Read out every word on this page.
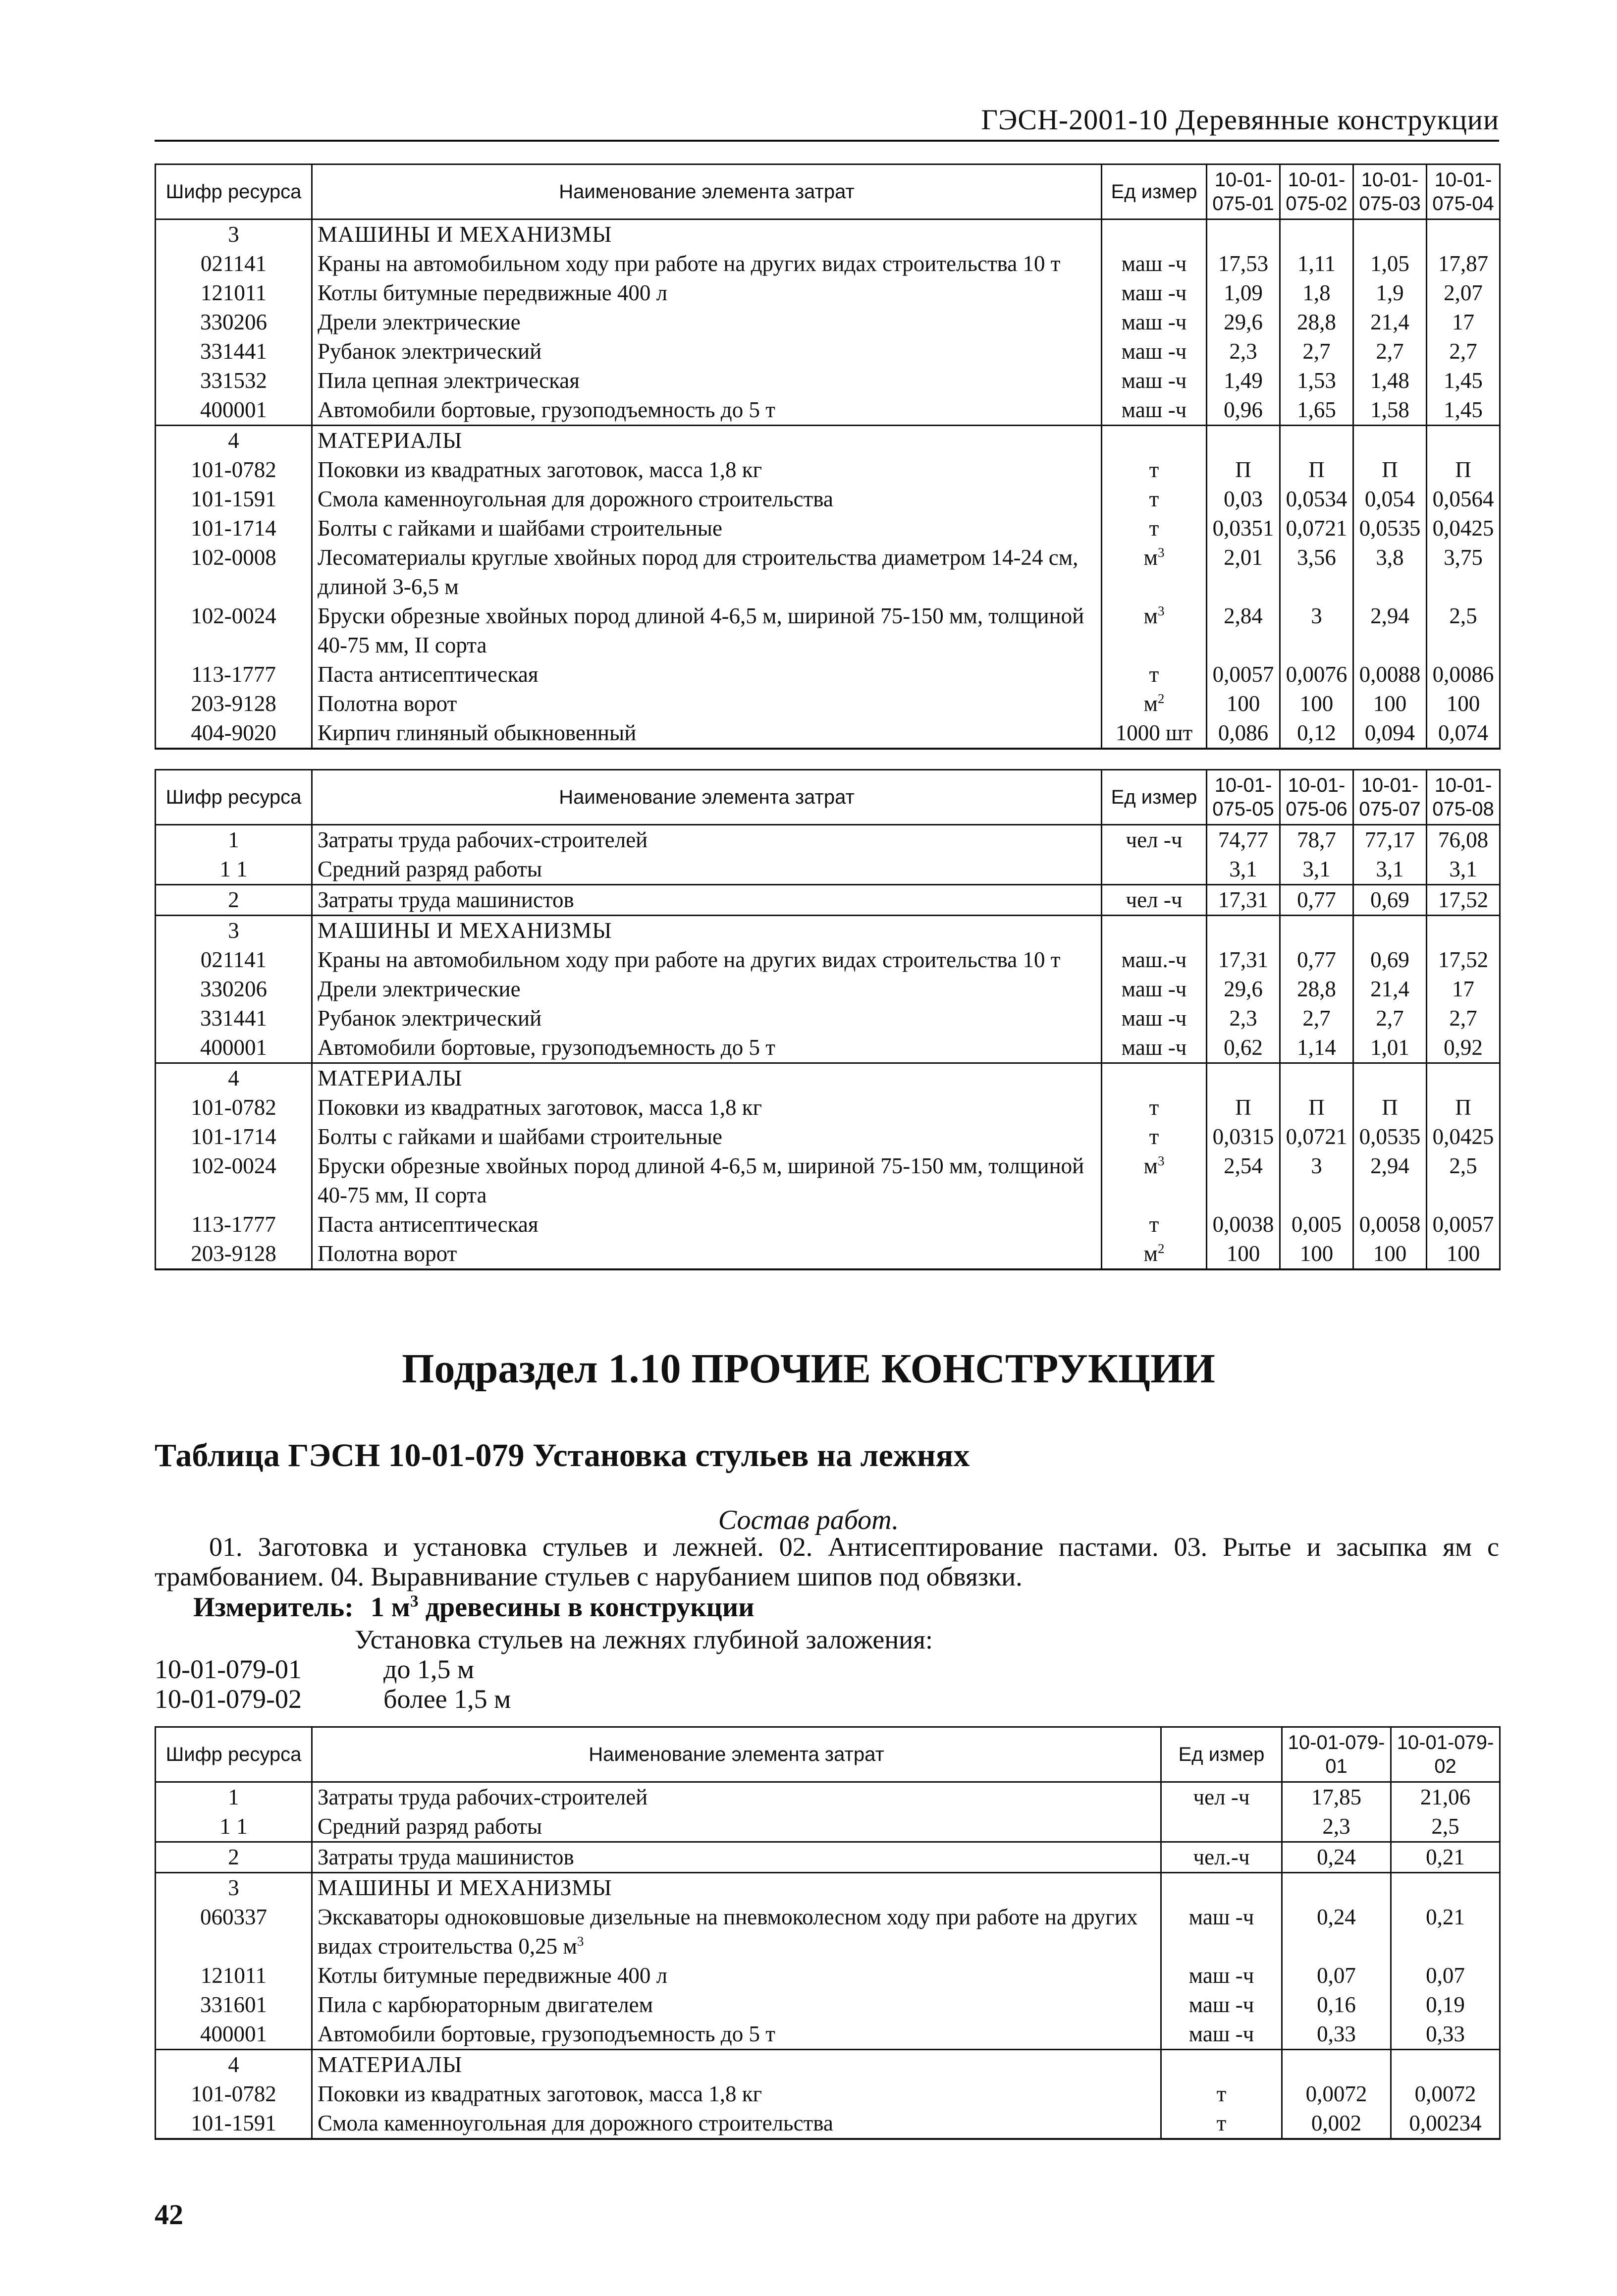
ГЭСН-2001-10 Деревянные конструкции
Шифр ресурса	Наименование элемента затрат	Ед измер	10-01-075-01	10-01-075-02	10-01-075-03	10-01-075-04
3	МАШИНЫ И МЕХАНИЗМЫ					
021141	Краны на автомобильном ходу при работе на других видах строительства 10 т	маш -ч	17,53	1,11	1,05	17,87
121011	Котлы битумные передвижные 400 л	маш -ч	1,09	1,8	1,9	2,07
330206	Дрели электрические	маш -ч	29,6	28,8	21,4	17
331441	Рубанок электрический	маш -ч	2,3	2,7	2,7	2,7
331532	Пила цепная электрическая	маш -ч	1,49	1,53	1,48	1,45
400001	Автомобили бортовые, грузоподъемность до 5 т	маш -ч	0,96	1,65	1,58	1,45
4	МАТЕРИАЛЫ					
101-0782	Поковки из квадратных заготовок, масса 1,8 кг	т	П	П	П	П
101-1591	Смола каменноугольная для дорожного строительства	т	0,03	0,0534	0,054	0,0564
101-1714	Болты с гайками и шайбами строительные	т	0,0351	0,0721	0,0535	0,0425
102-0008	Лесоматериалы круглые хвойных пород для строительства диаметром 14-24 см, длиной 3-6,5 м	$м^3$	2,01	3,56	3,8	3,75
102-0024	Бруски обрезные хвойных пород длиной 4-6,5 м, шириной 75-150 мм, толщиной 40-75 мм, II сорта	$м^3$	2,84	3	2,94	2,5
113-1777	Паста антисептическая	т	0,0057	0,0076	0,0088	0,0086
203-9128	Полотна ворот	$м^2$	100	100	100	100
404-9020	Кирпич глиняный обыкновенный	1000 шт	0,086	0,12	0,094	0,074
Шифр ресурса	Наименование элемента затрат	Ед измер	10-01-075-05	10-01-075-06	10-01-075-07	10-01-075-08
1	Затраты труда рабочих-строителей	чел -ч	74,77	78,7	77,17	76,08
1 1	Средний разряд работы		3,1	3,1	3,1	3,1
2	Затраты труда машинистов	чел -ч	17,31	0,77	0,69	17,52
3	МАШИНЫ И МЕХАНИЗМЫ					
021141	Краны на автомобильном ходу при работе на других видах строительства 10 т	маш.-ч	17,31	0,77	0,69	17,52
330206	Дрели электрические	маш -ч	29,6	28,8	21,4	17
331441	Рубанок электрический	маш -ч	2,3	2,7	2,7	2,7
400001	Автомобили бортовые, грузоподъемность до 5 т	маш -ч	0,62	1,14	1,01	0,92
4	МАТЕРИАЛЫ					
101-0782	Поковки из квадратных заготовок, масса 1,8 кг	т	П	П	П	П
101-1714	Болты с гайками и шайбами строительные	т	0,0315	0,0721	0,0535	0,0425
102-0024	Бруски обрезные хвойных пород длиной 4-6,5 м, шириной 75-150 мм, толщиной 40-75 мм, II сорта	$м^3$	2,54	3	2,94	2,5
113-1777	Паста антисептическая	т	0,0038	0,005	0,0058	0,0057
203-9128	Полотна ворот	$м^2$	100	100	100	100
Подраздел 1.10 ПРОЧИЕ КОНСТРУКЦИИ
Таблица ГЭСН 10-01-079 Установка стульев на лежнях
Состав работ.
01. Заготовка и установка стульев и лежней. 02. Антисептирование пастами. 03. Рытье и засыпка ям с трамбованием. 04. Выравнивание стульев с нарубанием шипов под обвязки.
Измеритель: 1 $м^3$ древесины в конструкции
Установка стульев на лежнях глубиной заложения:
10-01-079-01	до 1,5 м
10-01-079-02	более 1,5 м
Шифр ресурса	Наименование элемента затрат	Ед измер	10-01-079-01	10-01-079-02
1	Затраты труда рабочих-строителей	чел -ч	17,85	21,06
1 1	Средний разряд работы		2,3	2,5
2	Затраты труда машинистов	чел.-ч	0,24	0,21
3	МАШИНЫ И МЕХАНИЗМЫ			
060337	Экскаваторы одноковшовые дизельные на пневмоколесном ходу при работе на других видах строительства 0,25 $м^3$	маш -ч	0,24	0,21
121011	Котлы битумные передвижные 400 л	маш -ч	0,07	0,07
331601	Пила с карбюраторным двигателем	маш -ч	0,16	0,19
400001	Автомобили бортовые, грузоподъемность до 5 т	маш -ч	0,33	0,33
4	МАТЕРИАЛЫ			
101-0782	Поковки из квадратных заготовок, масса 1,8 кг	т	0,0072	0,0072
101-1591	Смола каменноугольная для дорожного строительства	т	0,002	0,00234
42
